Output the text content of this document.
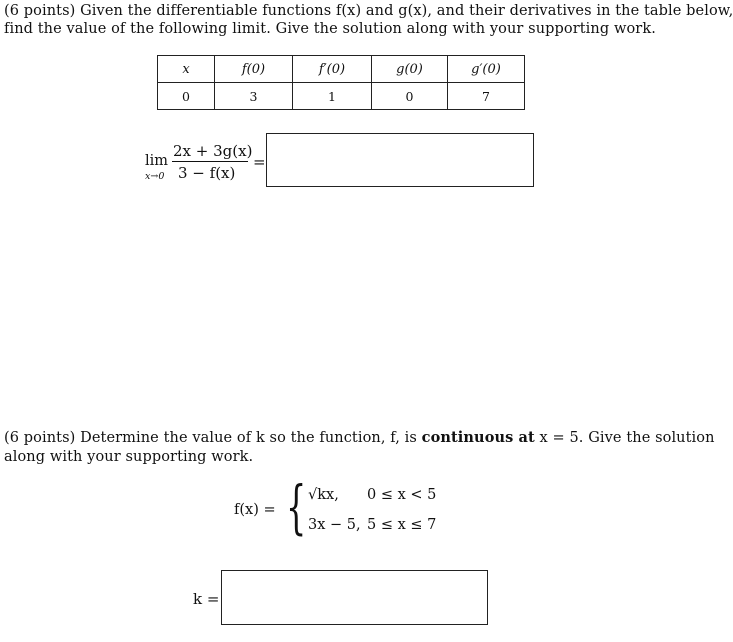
(6 points) Given the differentiable functions f(x) and g(x), and their derivatives in the table below,
find the value of the following limit. Give the solution along with your supporting work.
x	f(0)	f′(0)	g(0)	g′(0)
0	3	1	0	7
lim
x→0
2x + 3g(x)
3 − f(x)
=
(6 points) Determine the value of k so the function, f, is continuous at x = 5. Give the solution
along with your supporting work.
f(x) = { √kx, 0 ≤ x < 5
3x − 5, 5 ≤ x ≤ 7
k =
